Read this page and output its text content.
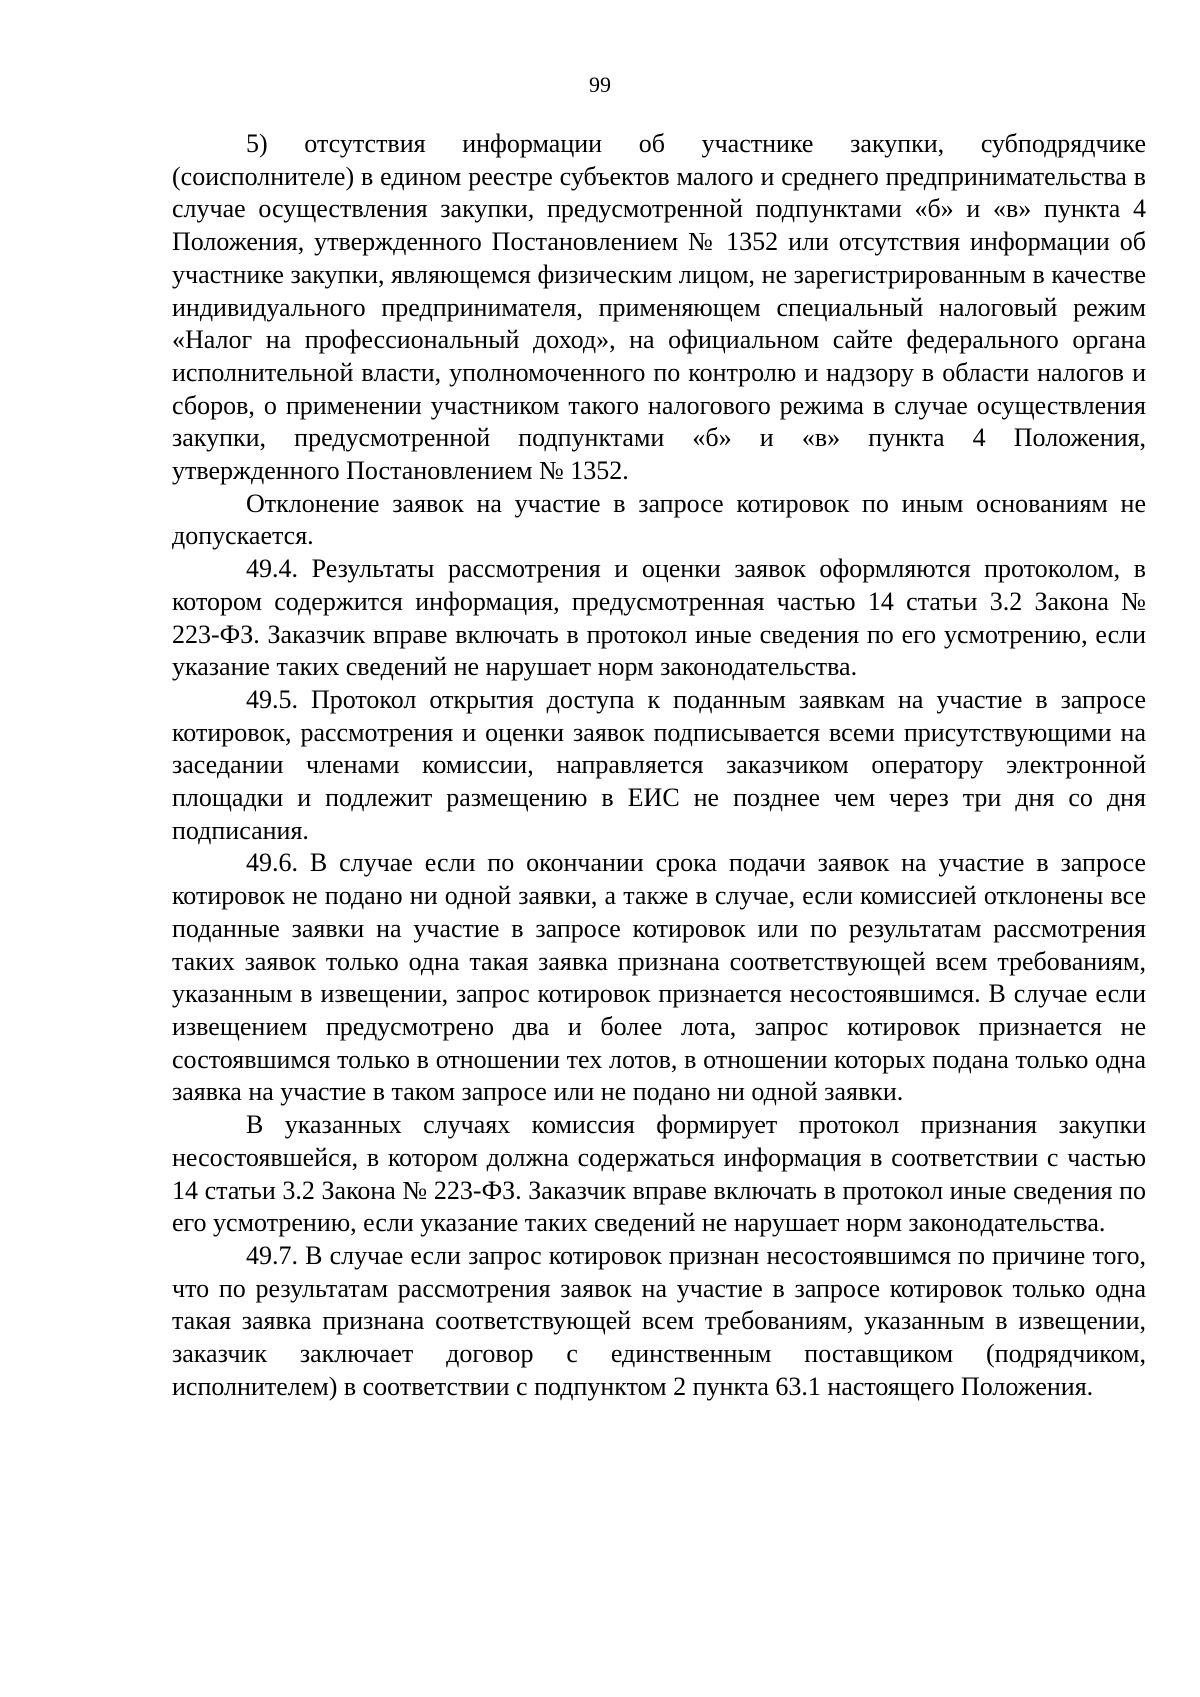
99

5) отсутствия информации об участнике закупки, субподрядчике (соисполнителе) в едином реестре субъектов малого и среднего предпринимательства в случае осуществления закупки, предусмотренной подпунктами «б» и «в» пункта 4 Положения, утвержденного Постановлением № 1352 или отсутствия информации об участнике закупки, являющемся физическим лицом, не зарегистрированным в качестве индивидуального предпринимателя, применяющем специальный налоговый режим «Налог на профессиональный доход», на официальном сайте федерального органа исполнительной власти, уполномоченного по контролю и надзору в области налогов и сборов, о применении участником такого налогового режима в случае осуществления закупки, предусмотренной подпунктами «б» и «в» пункта 4 Положения, утвержденного Постановлением № 1352.

Отклонение заявок на участие в запросе котировок по иным основаниям не допускается.

49.4. Результаты рассмотрения и оценки заявок оформляются протоколом, в котором содержится информация, предусмотренная частью 14 статьи 3.2 Закона № 223-ФЗ. Заказчик вправе включать в протокол иные сведения по его усмотрению, если указание таких сведений не нарушает норм законодательства.

49.5. Протокол открытия доступа к поданным заявкам на участие в запросе котировок, рассмотрения и оценки заявок подписывается всеми присутствующими на заседании членами комиссии, направляется заказчиком оператору электронной площадки и подлежит размещению в ЕИС не позднее чем через три дня со дня подписания.

49.6. В случае если по окончании срока подачи заявок на участие в запросе котировок не подано ни одной заявки, а также в случае, если комиссией отклонены все поданные заявки на участие в запросе котировок или по результатам рассмотрения таких заявок только одна такая заявка признана соответствующей всем требованиям, указанным в извещении, запрос котировок признается несостоявшимся. В случае если извещением предусмотрено два и более лота, запрос котировок признается не состоявшимся только в отношении тех лотов, в отношении которых подана только одна заявка на участие в таком запросе или не подано ни одной заявки.

В указанных случаях комиссия формирует протокол признания закупки несостоявшейся, в котором должна содержаться информация в соответствии с частью 14 статьи 3.2 Закона № 223-ФЗ. Заказчик вправе включать в протокол иные сведения по его усмотрению, если указание таких сведений не нарушает норм законодательства.

49.7. В случае если запрос котировок признан несостоявшимся по причине того, что по результатам рассмотрения заявок на участие в запросе котировок только одна такая заявка признана соответствующей всем требованиям, указанным в извещении, заказчик заключает договор с единственным поставщиком (подрядчиком, исполнителем) в соответствии с подпунктом 2 пункта 63.1 настоящего Положения.
